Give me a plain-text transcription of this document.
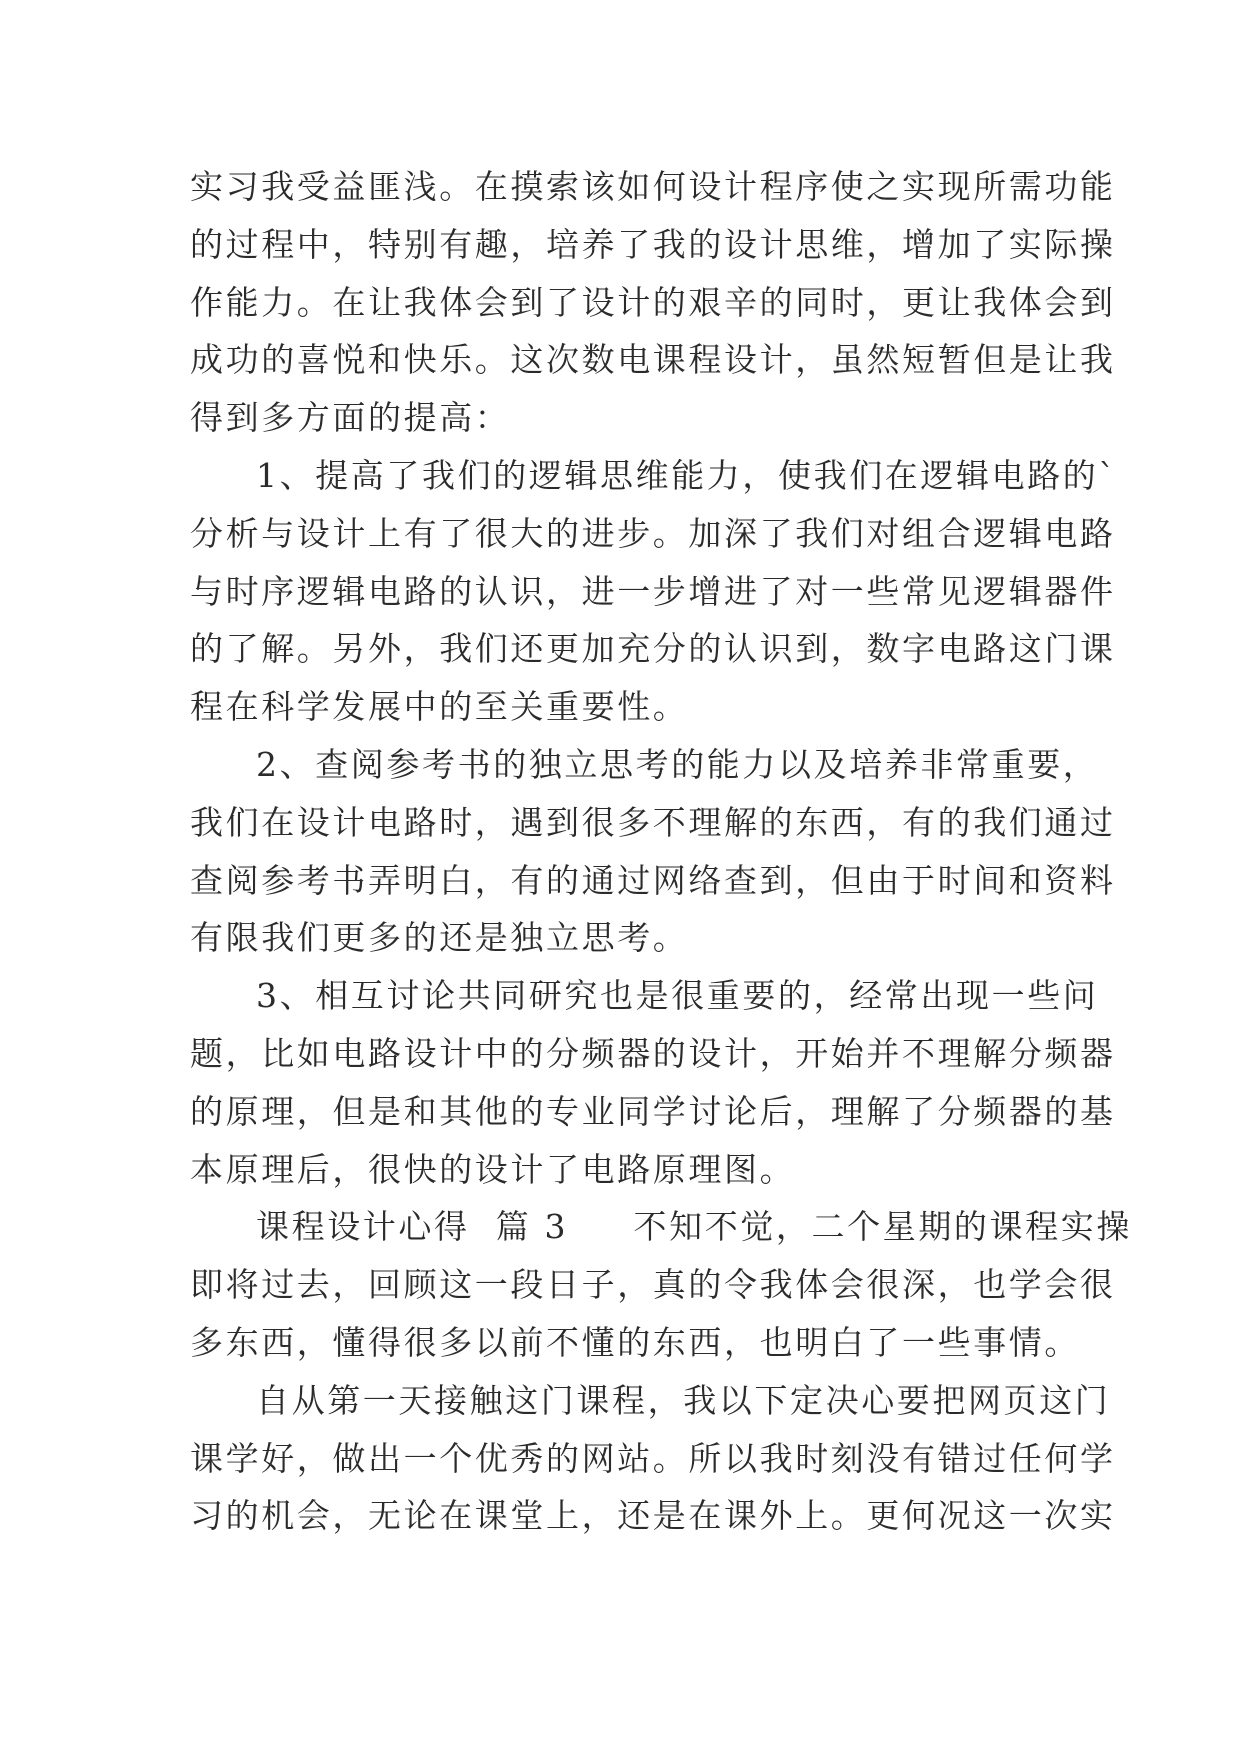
实习我受益匪浅。在摸索该如何设计程序使之实现所需功能
的过程中，特别有趣，培养了我的设计思维，增加了实际操
作能力。在让我体会到了设计的艰辛的同时，更让我体会到
成功的喜悦和快乐。这次数电课程设计，虽然短暂但是让我
得到多方面的提高：
1、提高了我们的逻辑思维能力，使我们在逻辑电路的`
分析与设计上有了很大的进步。加深了我们对组合逻辑电路
与时序逻辑电路的认识，进一步增进了对一些常见逻辑器件
的了解。另外，我们还更加充分的认识到，数字电路这门课
程在科学发展中的至关重要性。
2、查阅参考书的独立思考的能力以及培养非常重要，
我们在设计电路时，遇到很多不理解的东西，有的我们通过
查阅参考书弄明白，有的通过网络查到，但由于时间和资料
有限我们更多的还是独立思考。
3、相互讨论共同研究也是很重要的，经常出现一些问
题，比如电路设计中的分频器的设计，开始并不理解分频器
的原理，但是和其他的专业同学讨论后，理解了分频器的基
本原理后，很快的设计了电路原理图。
课程设计心得  篇 3     不知不觉，二个星期的课程实操
即将过去，回顾这一段日子，真的令我体会很深，也学会很
多东西，懂得很多以前不懂的东西，也明白了一些事情。
自从第一天接触这门课程，我以下定决心要把网页这门
课学好，做出一个优秀的网站。所以我时刻没有错过任何学
习的机会，无论在课堂上，还是在课外上。更何况这一次实
